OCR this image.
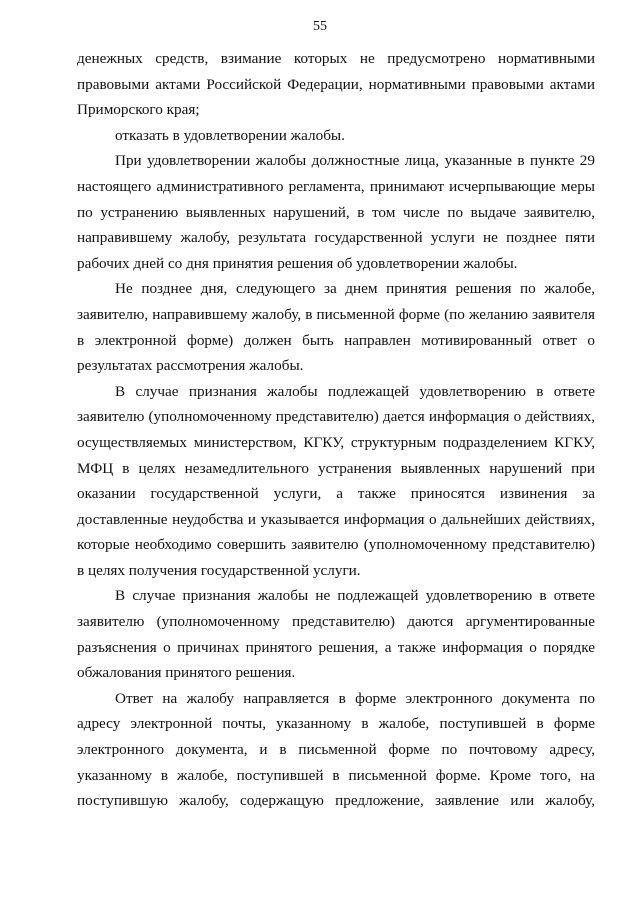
55

денежных средств, взимание которых не предусмотрено нормативными правовыми актами Российской Федерации, нормативными правовыми актами Приморского края;

отказать в удовлетворении жалобы.

При удовлетворении жалобы должностные лица, указанные в пункте 29 настоящего административного регламента, принимают исчерпывающие меры по устранению выявленных нарушений, в том числе по выдаче заявителю, направившему жалобу, результата государственной услуги не позднее пяти рабочих дней со дня принятия решения об удовлетворении жалобы.

Не позднее дня, следующего за днем принятия решения по жалобе, заявителю, направившему жалобу, в письменной форме (по желанию заявителя в электронной форме) должен быть направлен мотивированный ответ о результатах рассмотрения жалобы.

В случае признания жалобы подлежащей удовлетворению в ответе заявителю (уполномоченному представителю) дается информация о действиях, осуществляемых министерством, КГКУ, структурным подразделением КГКУ, МФЦ в целях незамедлительного устранения выявленных нарушений при оказании государственной услуги, а также приносятся извинения за доставленные неудобства и указывается информация о дальнейших действиях, которые необходимо совершить заявителю (уполномоченному представителю) в целях получения государственной услуги.

В случае признания жалобы не подлежащей удовлетворению в ответе заявителю (уполномоченному представителю) даются аргументированные разъяснения о причинах принятого решения, а также информация о порядке обжалования принятого решения.

Ответ на жалобу направляется в форме электронного документа по адресу электронной почты, указанному в жалобе, поступившей в форме электронного документа, и в письменной форме по почтовому адресу, указанному в жалобе, поступившей в письменной форме. Кроме того, на поступившую жалобу, содержащую предложение, заявление или жалобу,
